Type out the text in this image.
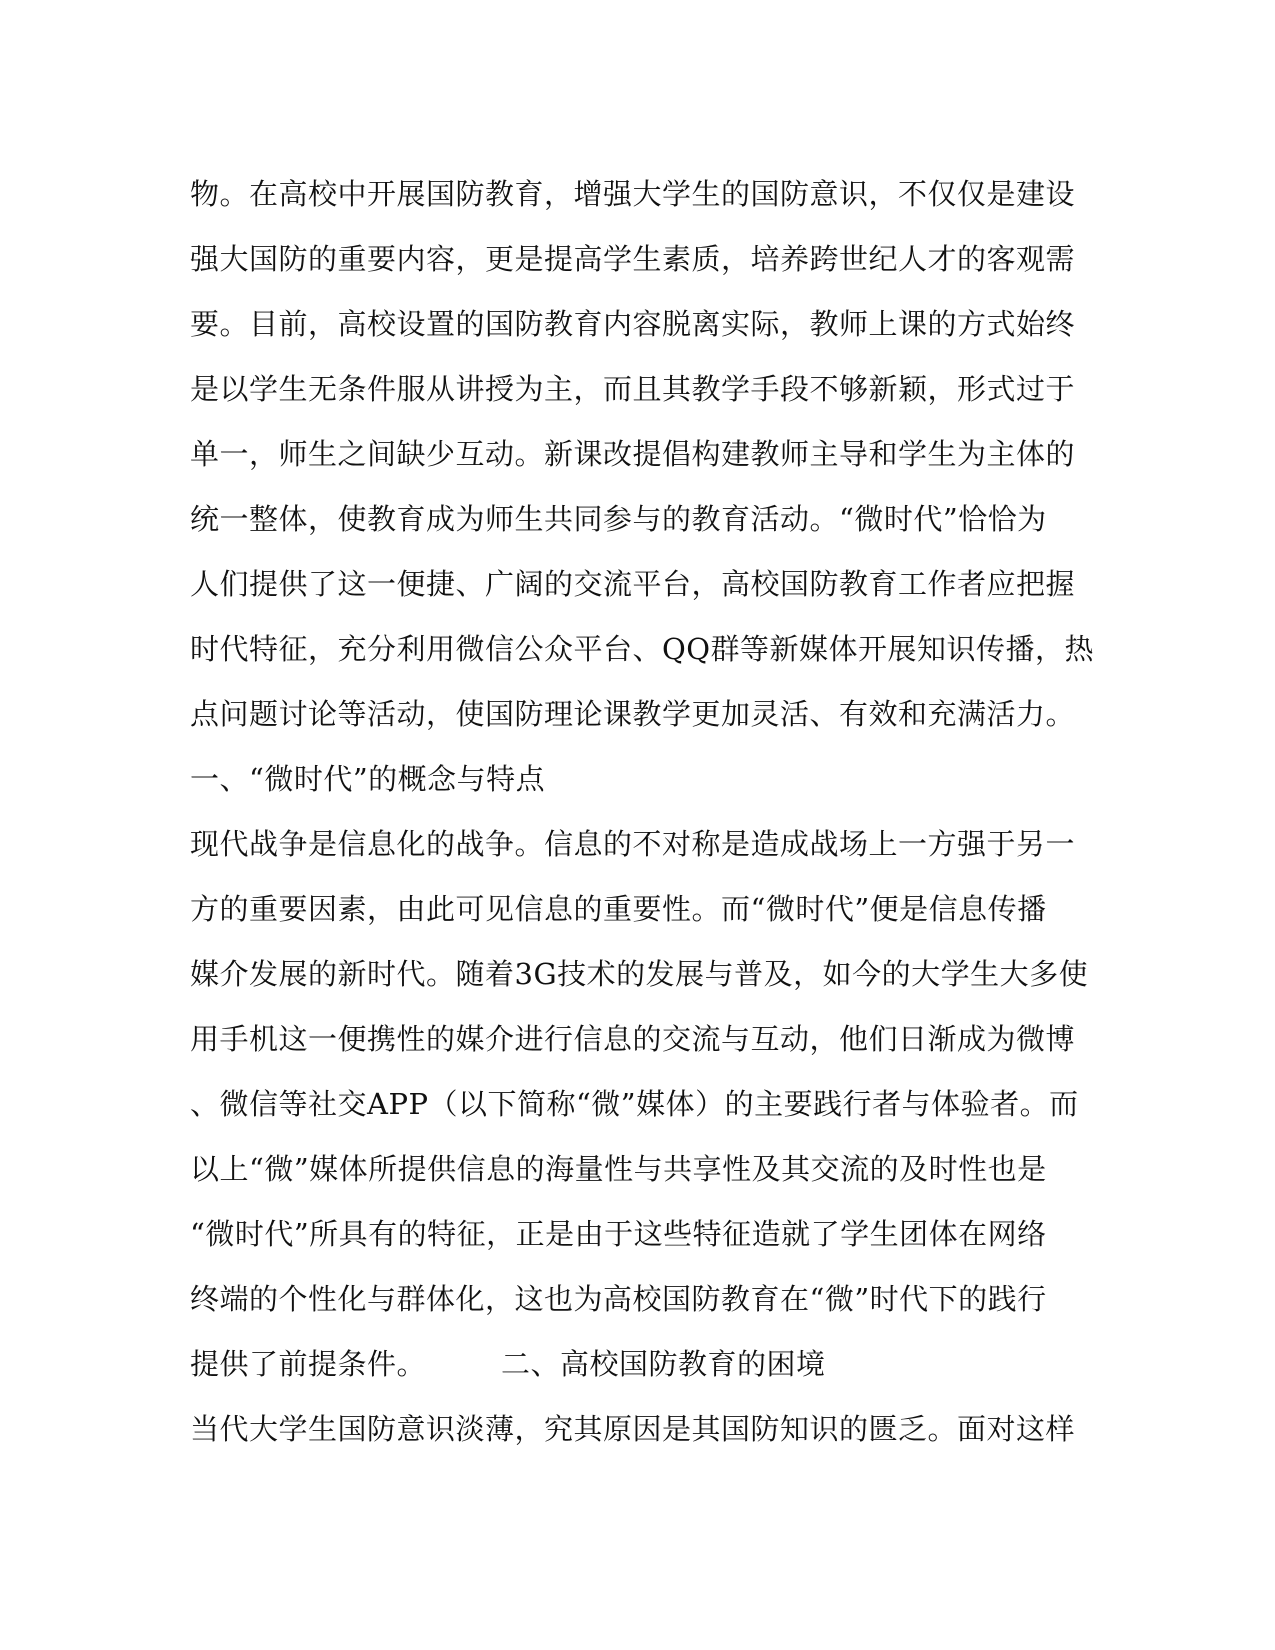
物。在高校中开展国防教育，增强大学生的国防意识，不仅仅是建设
强大国防的重要内容，更是提高学生素质，培养跨世纪人才的客观需
要。目前，高校设置的国防教育内容脱离实际，教师上课的方式始终
是以学生无条件服从讲授为主，而且其教学手段不够新颖，形式过于
单一，师生之间缺少互动。新课改提倡构建教师主导和学生为主体的
统一整体，使教育成为师生共同参与的教育活动。“微时代”恰恰为
人们提供了这一便捷、广阔的交流平台，高校国防教育工作者应把握
时代特征，充分利用微信公众平台、QQ群等新媒体开展知识传播，热
点问题讨论等活动，使国防理论课教学更加灵活、有效和充满活力。
一、“微时代”的概念与特点
现代战争是信息化的战争。信息的不对称是造成战场上一方强于另一
方的重要因素，由此可见信息的重要性。而“微时代”便是信息传播
媒介发展的新时代。随着3G技术的发展与普及，如今的大学生大多使
用手机这一便携性的媒介进行信息的交流与互动，他们日渐成为微博
、微信等社交APP（以下简称“微”媒体）的主要践行者与体验者。而
以上“微”媒体所提供信息的海量性与共享性及其交流的及时性也是
“微时代”所具有的特征，正是由于这些特征造就了学生团体在网络
终端的个性化与群体化，这也为高校国防教育在“微”时代下的践行
提供了前提条件。	二、高校国防教育的困境
当代大学生国防意识淡薄，究其原因是其国防知识的匮乏。面对这样
